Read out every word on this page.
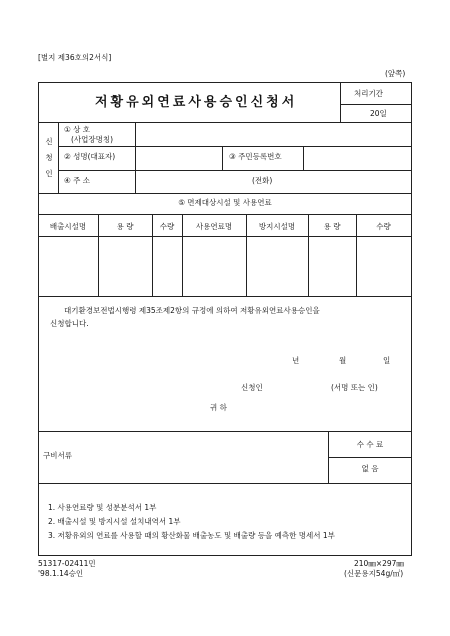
[별지 제36호의2서식]
(앞쪽)
저황유외연료사용승인신청서
처리기간
20일
신
청
인
① 상 호
(사업장명칭)
② 성명(대표자)	③ 주민등록번호
④ 주 소	(전화)
⑤ 면제대상시설 및 사용연료
배출시설명	용 량	수량	사용연료명	방지시설명	용 량	수량
대기환경보전법시행령 제35조제2항의 규정에 의하여 저황유외연료사용승인을
신청합니다.
년	월	일
신청인	(서명 또는 인)
귀 하
구비서류
수 수 료
없 음
1. 사용연료량 및 성분분석서 1부
2. 배출시설 및 방지시설 설치내역서 1부
3. 저황유외의 연료를 사용할 때의 황산화물 배출농도 및 배출량 등을 예측한 명세서 1부
51317-02411민
'98.1.14승인
210㎜×297㎜
(신문용지54g/㎡)
